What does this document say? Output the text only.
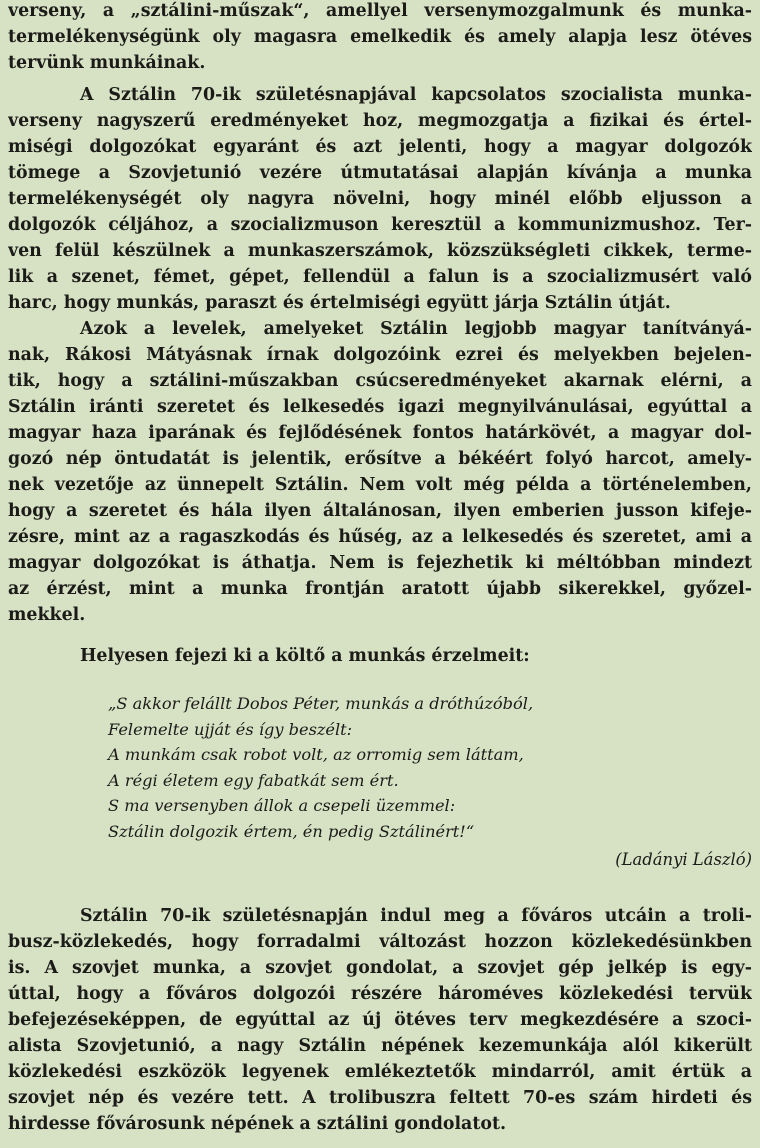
verseny, a „sztálini-műszak“, amellyel versenymozgalmunk és munka-
termelékenységünk oly magasra emelkedik és amely alapja lesz ötéves
tervünk munkáinak.
A Sztálin 70-ik születésnapjával kapcsolatos szocialista munka-
verseny nagyszerű eredményeket hoz, megmozgatja a fizikai és értel-
miségi dolgozókat egyaránt és azt jelenti, hogy a magyar dolgozók
tömege a Szovjetunió vezére útmutatásai alapján kívánja a munka
termelékenységét oly nagyra növelni, hogy minél előbb eljusson a
dolgozók céljához, a szocializmuson keresztül a kommunizmushoz. Ter-
ven felül készülnek a munkaszerszámok, közszükségleti cikkek, terme-
lik a szenet, fémet, gépet, fellendül a falun is a szocializmusért való
harc, hogy munkás, paraszt és értelmiségi együtt járja Sztálin útját.
Azok a levelek, amelyeket Sztálin legjobb magyar tanítványá-
nak, Rákosi Mátyásnak írnak dolgozóink ezrei és melyekben bejelen-
tik, hogy a sztálini-műszakban csúcseredményeket akarnak elérni, a
Sztálin iránti szeretet és lelkesedés igazi megnyilvánulásai, egyúttal a
magyar haza iparának és fejlődésének fontos határkövét, a magyar dol-
gozó nép öntudatát is jelentik, erősítve a békéért folyó harcot, amely-
nek vezetője az ünnepelt Sztálin. Nem volt még példa a történelemben,
hogy a szeretet és hála ilyen általánosan, ilyen emberien jusson kifeje-
zésre, mint az a ragaszkodás és hűség, az a lelkesedés és szeretet, ami a
magyar dolgozókat is áthatja. Nem is fejezhetik ki méltóbban mindezt
az érzést, mint a munka frontján aratott újabb sikerekkel, győzel-
mekkel.
Helyesen fejezi ki a költő a munkás érzelmeit:
„S akkor felállt Dobos Péter, munkás a dróthúzóból,
Felemelte ujját és így beszélt:
A munkám csak robot volt, az orromig sem láttam,
A régi életem egy fabatkát sem ért.
S ma versenyben állok a csepeli üzemmel:
Sztálin dolgozik értem, én pedig Sztálinért!“
(Ladányi László)
Sztálin 70-ik születésnapján indul meg a főváros utcáin a troli-
busz-közlekedés, hogy forradalmi változást hozzon közlekedésünkben
is. A szovjet munka, a szovjet gondolat, a szovjet gép jelkép is egy-
úttal, hogy a főváros dolgozói részére hároméves közlekedési tervük
befejezéseképpen, de egyúttal az új ötéves terv megkezdésére a szoci-
alista Szovjetunió, a nagy Sztálin népének kezemunkája alól kikerült
közlekedési eszközök legyenek emlékeztetők mindarról, amit értük a
szovjet nép és vezére tett. A trolibuszra feltett 70-es szám hirdeti és
hirdesse fővárosunk népének a sztálini gondolatot.
